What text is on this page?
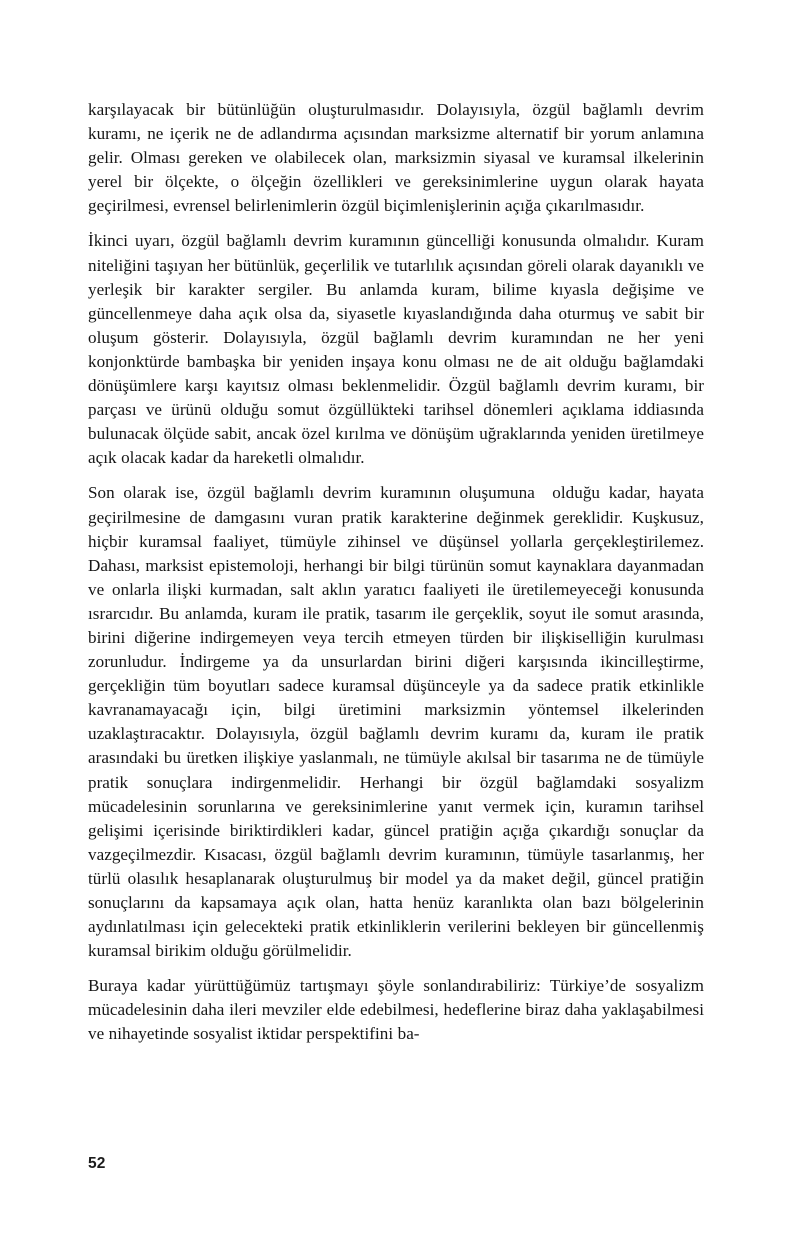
karşılayacak bir bütünlüğün oluşturulmasıdır. Dolayısıyla, özgül bağlamlı devrim kuramı, ne içerik ne de adlandırma açısından marksizme alternatif bir yorum anlamına gelir. Olması gereken ve olabilecek olan, marksizmin siyasal ve kuramsal ilkelerinin yerel bir ölçekte, o ölçeğin özellikleri ve gereksinimlerine uygun olarak hayata geçirilmesi, evrensel belirlenimlerin özgül biçimlenişlerinin açığa çıkarılmasıdır.

İkinci uyarı, özgül bağlamlı devrim kuramının güncelliği konusunda olmalıdır. Kuram niteliğini taşıyan her bütünlük, geçerlilik ve tutarlılık açısından göreli olarak dayanıklı ve yerleşik bir karakter sergiler. Bu anlamda kuram, bilime kıyasla değişime ve güncellenmeye daha açık olsa da, siyasetle kıyaslandığında daha oturmuş ve sabit bir oluşum gösterir. Dolayısıyla, özgül bağlamlı devrim kuramından ne her yeni konjonktürde bambaşka bir yeniden inşaya konu olması ne de ait olduğu bağlamdaki dönüşümlere karşı kayıtsız olması beklenmelidir. Özgül bağlamlı devrim kuramı, bir parçası ve ürünü olduğu somut özgüllükteki tarihsel dönemleri açıklama iddiasında bulunacak ölçüde sabit, ancak özel kırılma ve dönüşüm uğraklarında yeniden üretilmeye açık olacak kadar da hareketli olmalıdır.

Son olarak ise, özgül bağlamlı devrim kuramının oluşumuna  olduğu kadar, hayata geçirilmesine de damgasını vuran pratik karakterine değinmek gereklidir. Kuşkusuz, hiçbir kuramsal faaliyet, tümüyle zihinsel ve düşünsel yollarla gerçekleştirilemez. Dahası, marksist epistemoloji, herhangi bir bilgi türünün somut kaynaklara dayanmadan ve onlarla ilişki kurmadan, salt aklın yaratıcı faaliyeti ile üretilemeyeceği konusunda ısrarcıdır. Bu anlamda, kuram ile pratik, tasarım ile gerçeklik, soyut ile somut arasında, birini diğerine indirgemeyen veya tercih etmeyen türden bir ilişkiselliğin kurulması zorunludur. İndirgeme ya da unsurlardan birini diğeri karşısında ikincilleştirme, gerçekliğin tüm boyutları sadece kuramsal düşünceyle ya da sadece pratik etkinlikle kavranamayacağı için, bilgi üretimini marksizmin yöntemsel ilkelerinden uzaklaştıracaktır. Dolayısıyla, özgül bağlamlı devrim kuramı da, kuram ile pratik arasındaki bu üretken ilişkiye yaslanmalı, ne tümüyle akılsal bir tasarıma ne de tümüyle pratik sonuçlara indirgenmelidir. Herhangi bir özgül bağlamdaki sosyalizm mücadelesinin sorunlarına ve gereksinimlerine yanıt vermek için, kuramın tarihsel gelişimi içerisinde biriktirdikleri kadar, güncel pratiğin açığa çıkardığı sonuçlar da vazgeçilmezdir. Kısacası, özgül bağlamlı devrim kuramının, tümüyle tasarlanmış, her türlü olasılık hesaplanarak oluşturulmuş bir model ya da maket değil, güncel pratiğin sonuçlarını da kapsamaya açık olan, hatta henüz karanlıkta olan bazı bölgelerinin aydınlatılması için gelecekteki pratik etkinliklerin verilerini bekleyen bir güncellenmiş kuramsal birikim olduğu görülmelidir.

Buraya kadar yürüttüğümüz tartışmayı şöyle sonlandırabiliriz: Türkiye’de sosyalizm mücadelesinin daha ileri mevziler elde edebilmesi, hedeflerine biraz daha yaklaşabilmesi ve nihayetinde sosyalist iktidar perspektifini ba-

52
